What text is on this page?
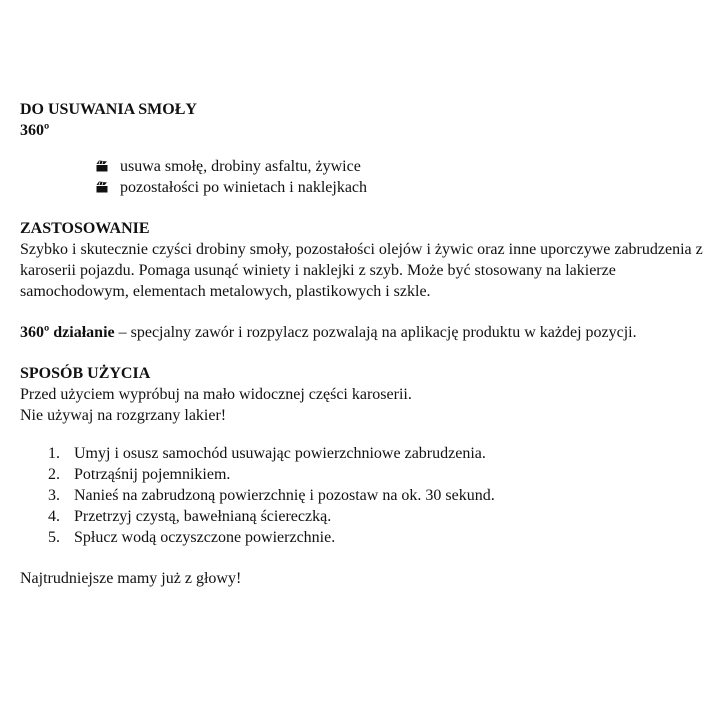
DO USUWANIA SMOŁY
360º
usuwa smołę, drobiny asfaltu, żywice
pozostałości po winietach i naklejkach
ZASTOSOWANIE
Szybko i skutecznie czyści drobiny smoły, pozostałości olejów i żywic oraz inne uporczywe zabrudzenia z karoserii pojazdu. Pomaga usunąć winiety i naklejki z szyb. Może być stosowany na lakierze samochodowym, elementach metalowych, plastikowych i szkle.
360º działanie – specjalny zawór i rozpylacz pozwalają na aplikację produktu w każdej pozycji.
SPOSÓB UŻYCIA
Przed użyciem wypróbuj na mało widocznej części karoserii.
Nie używaj na rozgrzany lakier!
1. Umyj i osusz samochód usuwając powierzchniowe zabrudzenia.
2. Potrząśnij pojemnikiem.
3. Nanieś na zabrudzoną powierzchnię i pozostaw na ok. 30 sekund.
4. Przetrzyj czystą, bawełnianą ściereczką.
5. Spłucz wodą oczyszczone powierzchnie.
Najtrudniejsze mamy już z głowy!
